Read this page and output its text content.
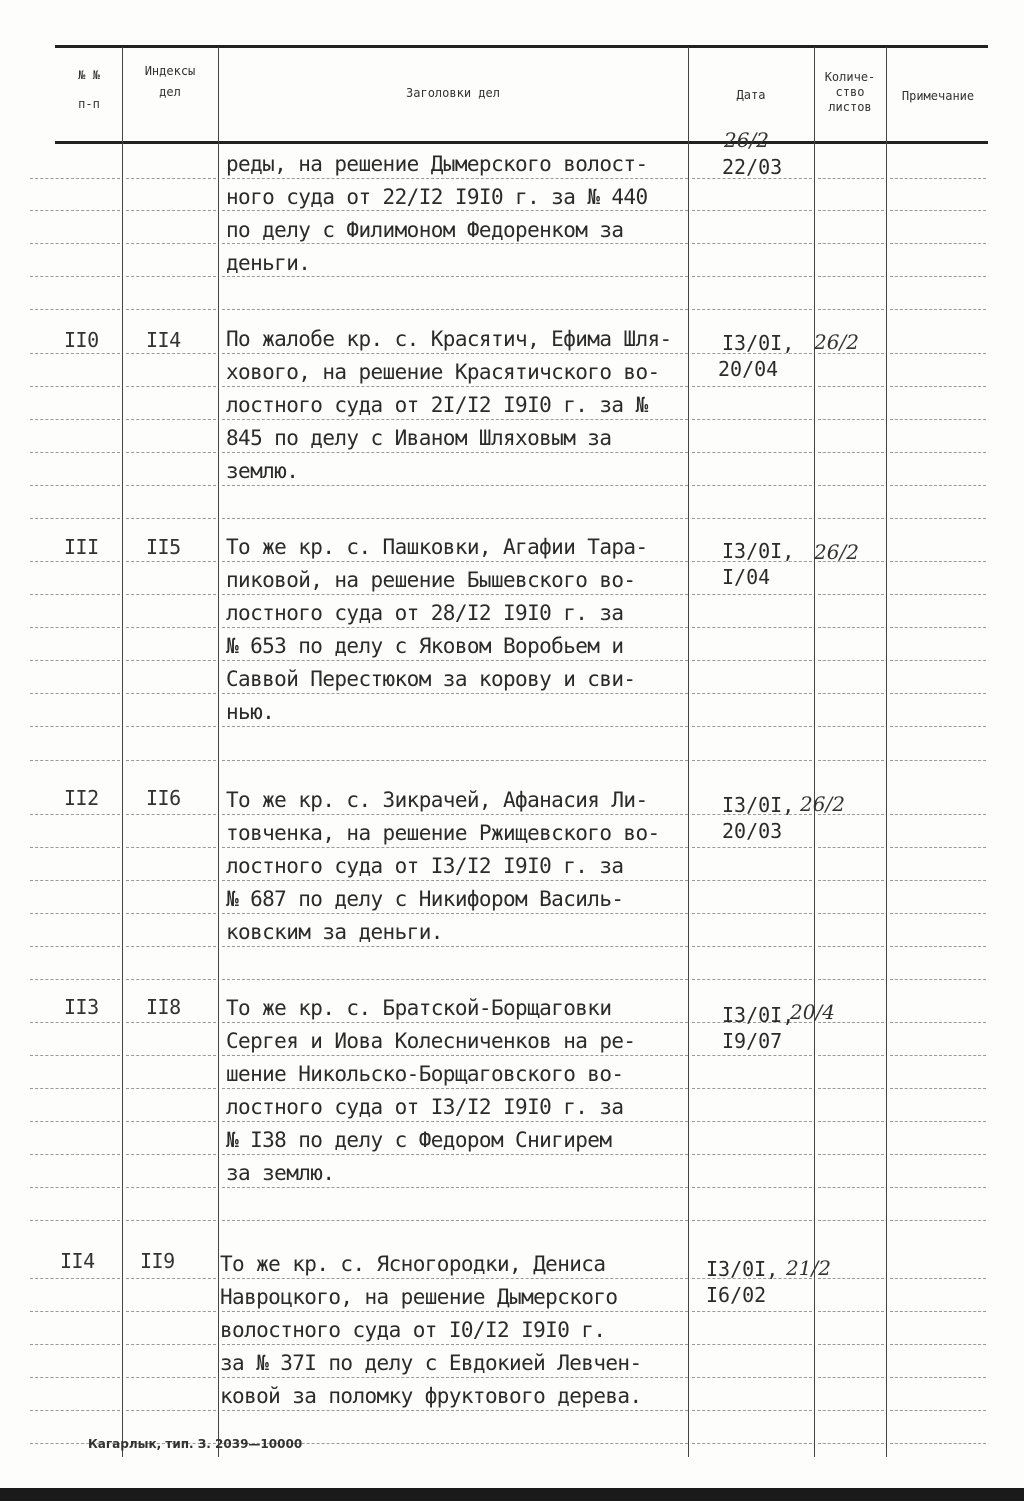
№ №
п-п
Индексы
дел	Заголовки дел	Дата
Количе-
ство
листов
Примечание
26/2
реды, на решение Дымерского волост-
ного суда от 22/I2 I9I0 г. за № 440
по делу с Филимоном Федоренком за
деньги.
22/03
II0 II4 По жалобе кр. с. Красятич, Ефима Шля-
хового, на решение Красятичского во-
лостного суда от 2I/I2 I9I0 г. за №
845 по делу с Иваном Шляховым за
землю.
I3/0I,
20/04
26/2
III II5 То же кр. с. Пашковки, Агафии Тара-
пиковой, на решение Бышевского во-
лостного суда от 28/I2 I9I0 г. за
№ 653 по делу с Яковом Воробьем и
Саввой Перестюком за корову и сви-
нью.
I3/0I,
I/04
26/2
II2 II6 То же кр. с. Зикрачей, Афанасия Ли-
товченка, на решение Ржищевского во-
лостного суда от I3/I2 I9I0 г. за
№ 687 по делу с Никифором Василь-
ковским за деньги.
I3/0I,
20/03
26/2
II3 II8 То же кр. с. Братской-Борщаговки
Сергея и Иова Колесниченков на ре-
шение Никольско-Борщаговского во-
лостного суда от I3/I2 I9I0 г. за
№ I38 по делу с Федором Снигирем
за землю.
I3/0I,
I9/07
20/4
II4 II9 То же кр. с. Ясногородки, Дениса
Навроцкого, на решение Дымерского
волостного суда от I0/I2 I9I0 г.
за № 37I по делу с Евдокией Левчен-
ковой за поломку фруктового дерева.
I3/0I,
I6/02
21/2
Кагарлык, тип. З. 2039—10000
